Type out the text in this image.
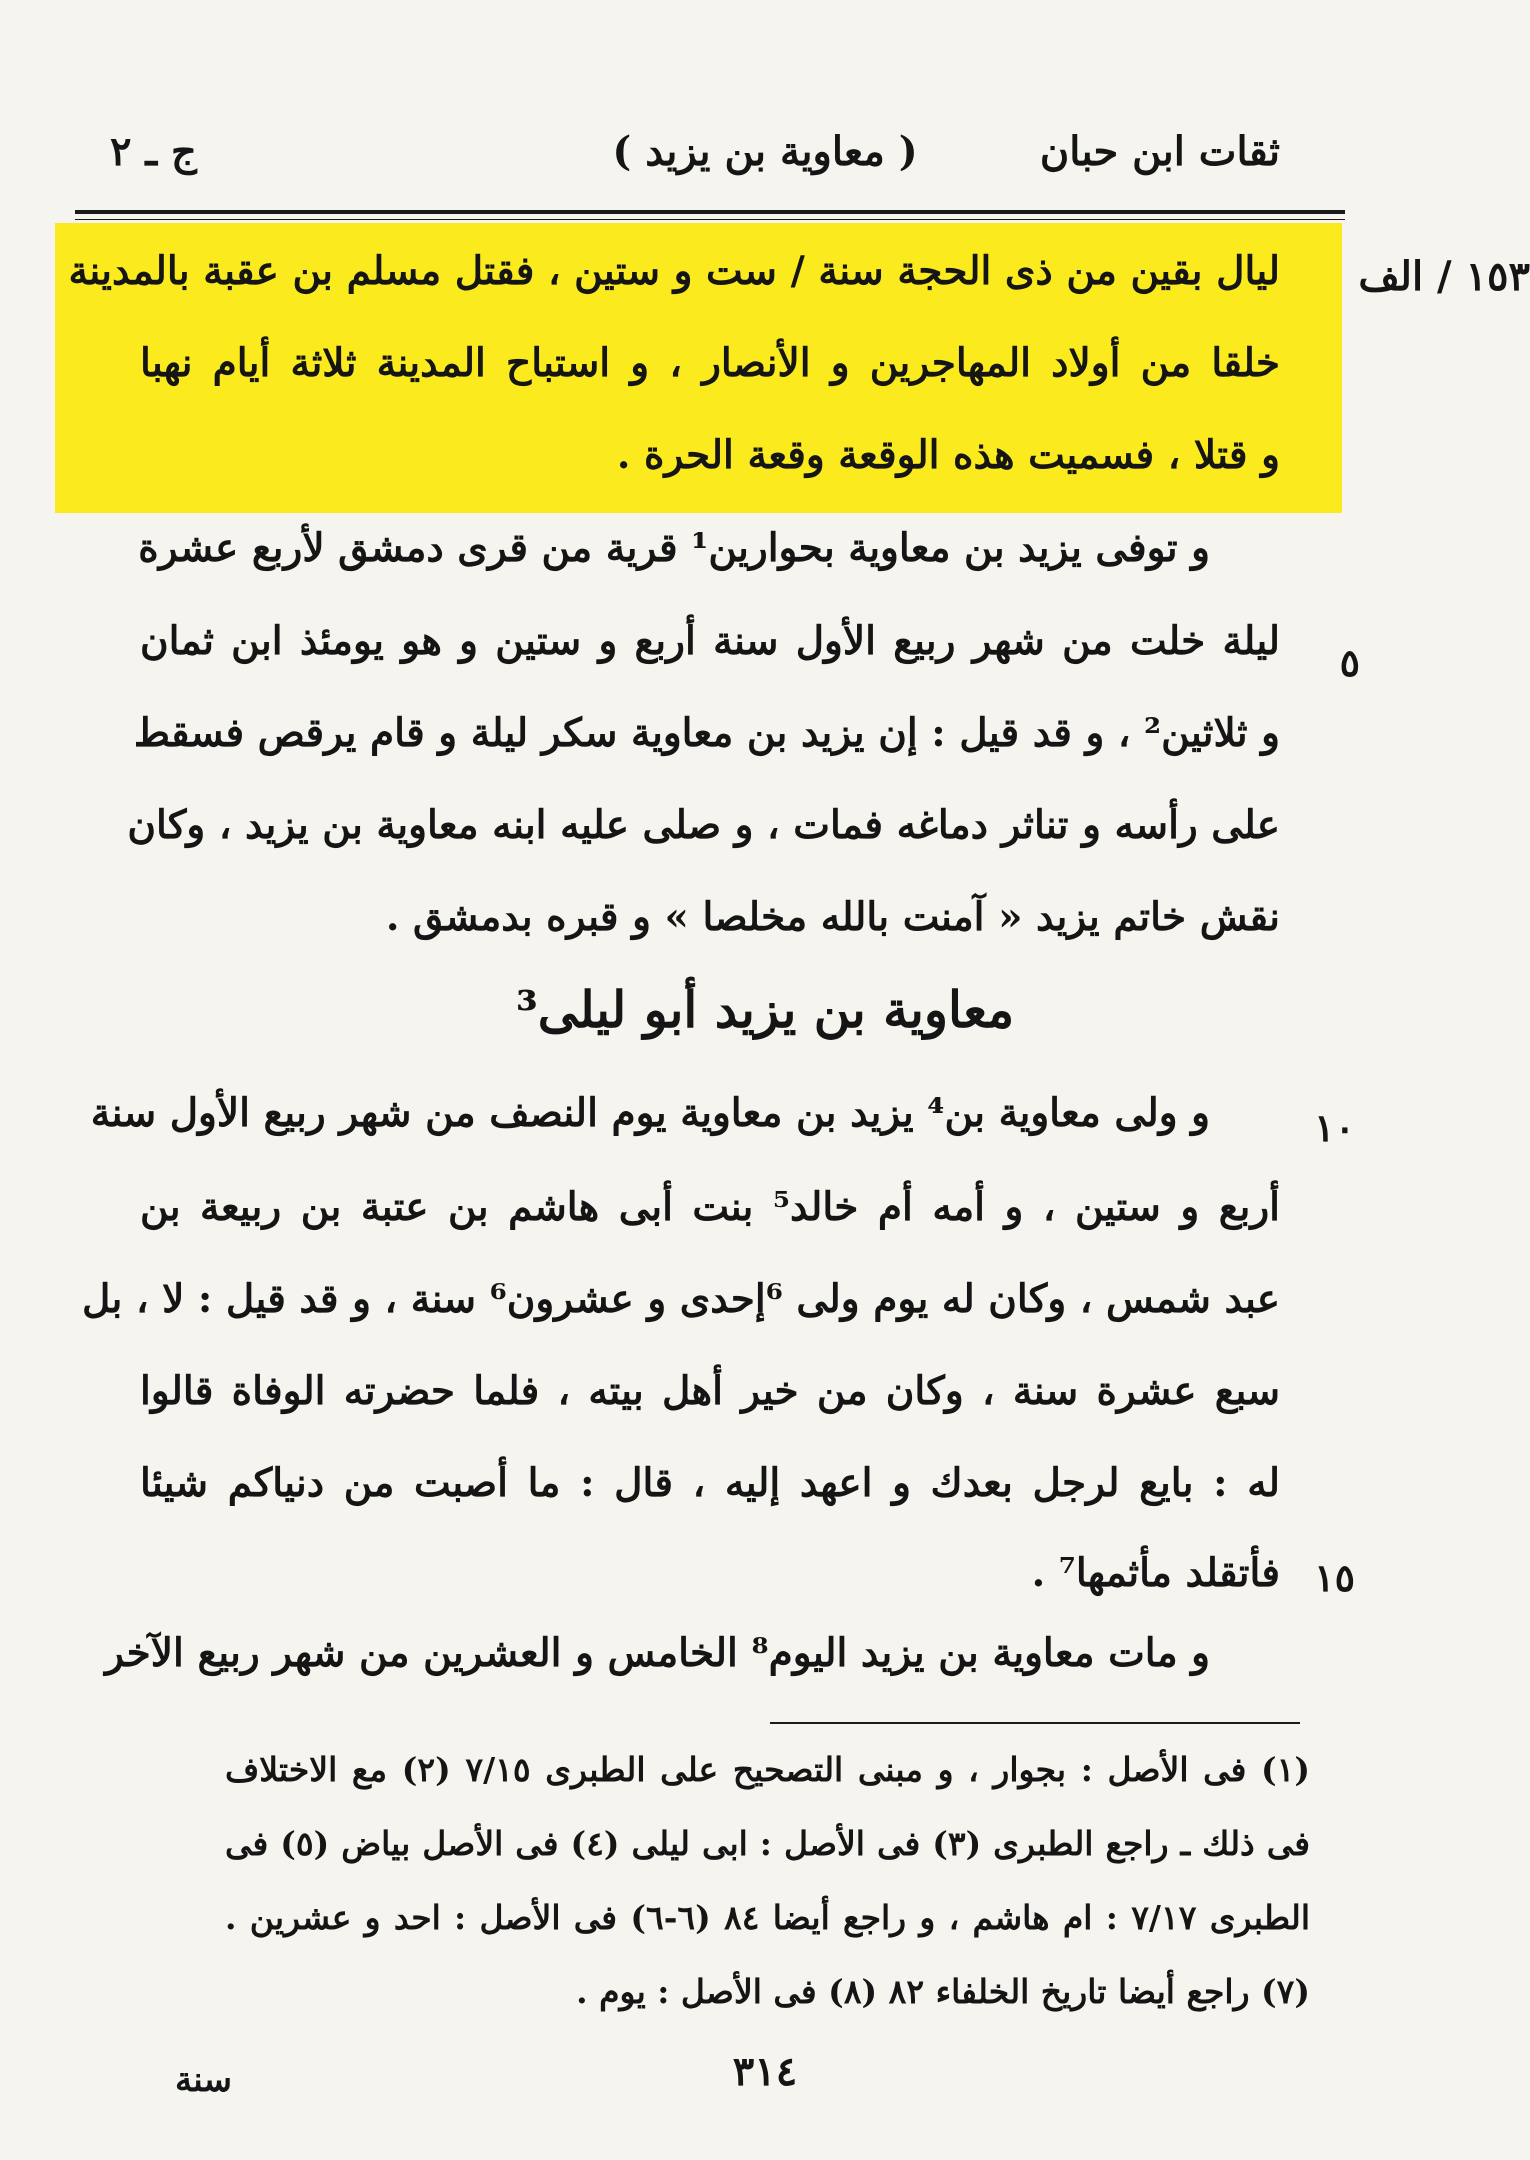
ثقات ابن حبان
( معاوية بن يزيد )
ج ـ ٢
١٥٣ / الف
ليال بقين من ذى الحجة سنة / ست و ستين ، فقتل مسلم بن عقبة بالمدينة
خلقا من أولاد المهاجرين و الأنصار ، و استباح المدينة ثلاثة أيام نهبا
و قتلا ، فسميت هذه الوقعة وقعة الحرة .
و توفى يزيد بن معاوية بحوارين¹ قرية من قرى دمشق لأربع عشرة
ليلة خلت من شهر ربيع الأول سنة أربع و ستين و هو يومئذ ابن ثمان
و ثلاثين² ، و قد قيل : إن يزيد بن معاوية سكر ليلة و قام يرقص فسقط
على رأسه و تناثر دماغه فمات ، و صلى عليه ابنه معاوية بن يزيد ، وكان
نقش خاتم يزيد « آمنت بالله مخلصا » و قبره بدمشق .
٥
معاوية بن يزيد أبو ليلى³
و ولى معاوية بن⁴ يزيد بن معاوية يوم النصف من شهر ربيع الأول سنة
أربع و ستين ، و أمه أم خالد⁵ بنت أبى هاشم بن عتبة بن ربيعة بن
عبد شمس ، وكان له يوم ولى ⁶إحدى و عشرون⁶ سنة ، و قد قيل : لا ، بل
سبع عشرة سنة ، وكان من خير أهل بيته ، فلما حضرته الوفاة قالوا
له : بايع لرجل بعدك و اعهد إليه ، قال : ما أصبت من دنياكم شيئا
فأتقلد مأثمها⁷ .
١٠
١٥
و مات معاوية بن يزيد اليوم⁸ الخامس و العشرين من شهر ربيع الآخر
(١) فى الأصل : بجوار ، و مبنى التصحيح على الطبرى ٧/١٥ (٢) مع الاختلاف
فى ذلك ـ راجع الطبرى (٣) فى الأصل : ابى ليلى (٤) فى الأصل بياض (٥) فى
الطبرى ٧/١٧ : ام هاشم ، و راجع أيضا ٨٤ (٦-٦) فى الأصل : احد و عشرين .
(٧) راجع أيضا تاريخ الخلفاء ٨٢ (٨) فى الأصل : يوم .
٣١٤
سنة
